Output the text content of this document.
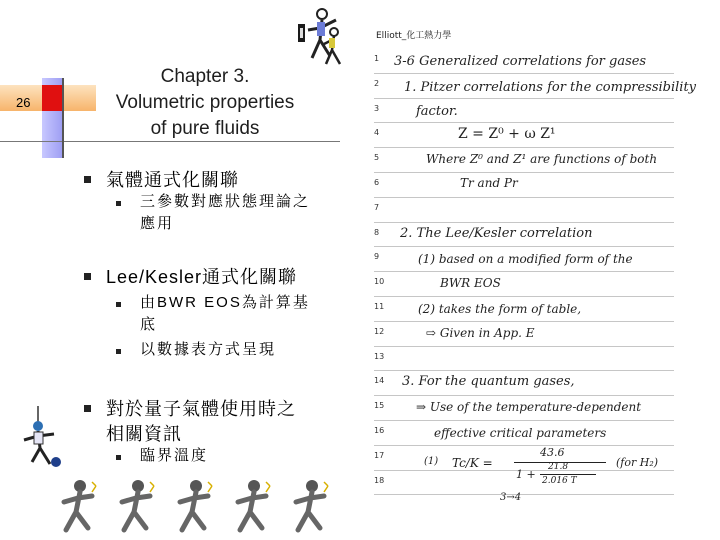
26
Chapter 3.
Volumetric properties
of pure fluids
氣體通式化關聯
三參數對應狀態理論之
應用
Lee/Kesler通式化關聯
由BWR EOS為計算基
底
以數據表方式呈現
對於量子氣體使用時之
相關資訊
臨界溫度
Elliott_化工熱力學
1
2
3
4
5
6
7
8
9
10
11
12
13
14
15
16
17
18
3-6 Generalized correlations for gases
1. Pitzer correlations for the compressibility
factor.
Z = Z⁰ + ω Z¹
Where Z⁰ and Z¹ are functions of both
Tr and Pr
2. The Lee/Kesler correlation
(1) based on a modified form of the
BWR EOS
(2) takes the form of table,
⇨ Given in App. E
3. For the quantum gases,
⇒ Use of the temperature-dependent
effective critical parameters
(1) Tc/K =
43.6
1 +
21.8
2.016 T
(for H₂)
3→4
